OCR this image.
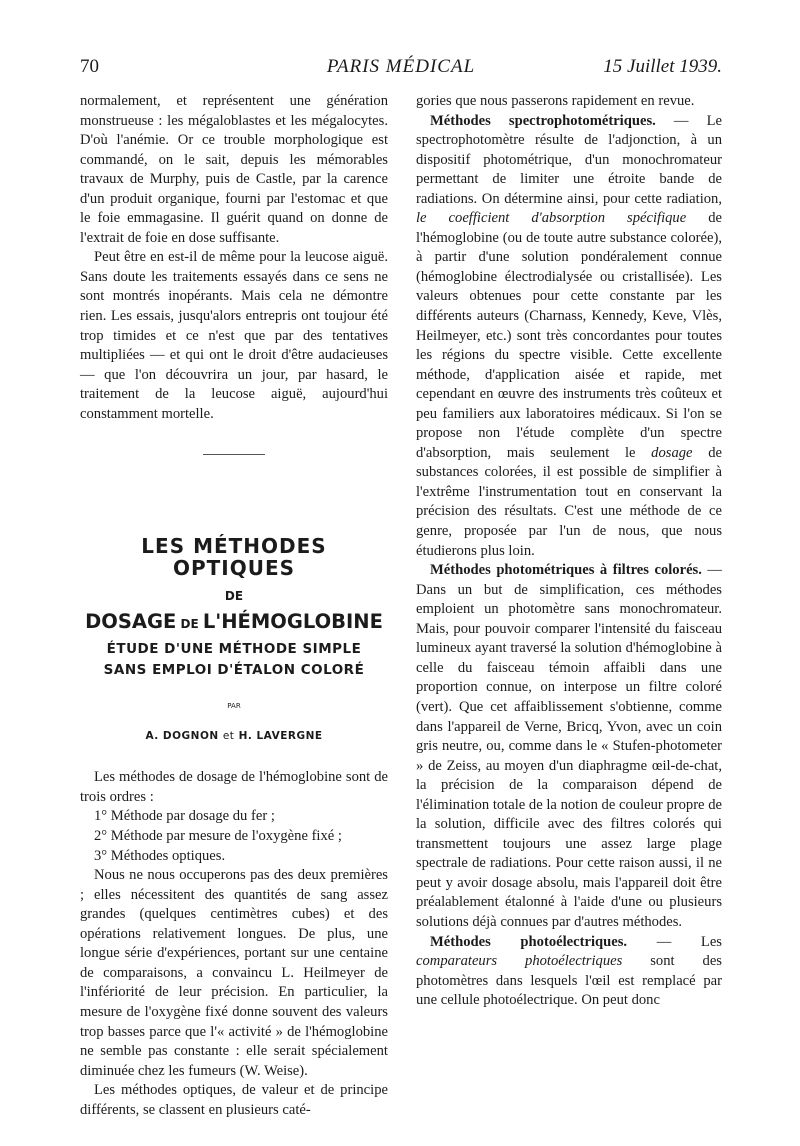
70	PARIS MÉDICAL	15 Juillet 1939.

normalement, et représentent une génération monstrueuse : les mégaloblastes et les mégalocytes. D'où l'anémie. Or ce trouble morphologique est commandé, on le sait, depuis les mémorables travaux de Murphy, puis de Castle, par la carence d'un produit organique, fourni par l'estomac et que le foie emmagasine. Il guérit quand on donne de l'extrait de foie en dose suffisante.

Peut être en est-il de même pour la leucose aiguë. Sans doute les traitements essayés dans ce sens ne sont montrés inopérants. Mais cela ne démontre rien. Les essais, jusqu'alors entrepris ont toujour été trop timides et ce n'est que par des tentatives multipliées — et qui ont le droit d'être audacieuses — que l'on découvrira un jour, par hasard, le traitement de la leucose aiguë, aujourd'hui constamment mortelle.

LES MÉTHODES OPTIQUES
DE
DOSAGE DE L'HÉMOGLOBINE
ÉTUDE D'UNE MÉTHODE SIMPLE
SANS EMPLOI D'ÉTALON COLORÉ
PAR
A. DOGNON et H. LAVERGNE

Les méthodes de dosage de l'hémoglobine sont de trois ordres :

1° Méthode par dosage du fer ;

2° Méthode par mesure de l'oxygène fixé ;

3° Méthodes optiques.

Nous ne nous occuperons pas des deux premières ; elles nécessitent des quantités de sang assez grandes (quelques centimètres cubes) et des opérations relativement longues. De plus, une longue série d'expériences, portant sur une centaine de comparaisons, a convaincu L. Heilmeyer de l'infériorité de leur précision. En particulier, la mesure de l'oxygène fixé donne souvent des valeurs trop basses parce que l'« activité » de l'hémoglobine ne semble pas constante : elle serait spécialement diminuée chez les fumeurs (W. Weise).

Les méthodes optiques, de valeur et de principe différents, se classent en plusieurs caté-

gories que nous passerons rapidement en revue.

Méthodes spectrophotométriques. — Le spectrophotomètre résulte de l'adjonction, à un dispositif photométrique, d'un monochromateur permettant de limiter une étroite bande de radiations. On détermine ainsi, pour cette radiation, le coefficient d'absorption spécifique de l'hémoglobine (ou de toute autre substance colorée), à partir d'une solution pondéralement connue (hémoglobine électrodialysée ou cristallisée). Les valeurs obtenues pour cette constante par les différents auteurs (Charnass, Kennedy, Keve, Vlès, Heilmeyer, etc.) sont très concordantes pour toutes les régions du spectre visible. Cette excellente méthode, d'application aisée et rapide, met cependant en œuvre des instruments très coûteux et peu familiers aux laboratoires médicaux. Si l'on se propose non l'étude complète d'un spectre d'absorption, mais seulement le dosage de substances colorées, il est possible de simplifier à l'extrême l'instrumentation tout en conservant la précision des résultats. C'est une méthode de ce genre, proposée par l'un de nous, que nous étudierons plus loin.

Méthodes photométriques à filtres colorés. — Dans un but de simplification, ces méthodes emploient un photomètre sans monochromateur. Mais, pour pouvoir comparer l'intensité du faisceau lumineux ayant traversé la solution d'hémoglobine à celle du faisceau témoin affaibli dans une proportion connue, on interpose un filtre coloré (vert). Que cet affaiblissement s'obtienne, comme dans l'appareil de Verne, Bricq, Yvon, avec un coin gris neutre, ou, comme dans le « Stufen-photometer » de Zeiss, au moyen d'un diaphragme œil-de-chat, la précision de la comparaison dépend de l'élimination totale de la notion de couleur propre de la solution, difficile avec des filtres colorés qui transmettent toujours une assez large plage spectrale de radiations. Pour cette raison aussi, il ne peut y avoir dosage absolu, mais l'appareil doit être préalablement étalonné à l'aide d'une ou plusieurs solutions déjà connues par d'autres méthodes.

Méthodes photoélectriques. — Les comparateurs photoélectriques sont des photomètres dans lesquels l'œil est remplacé par une cellule photoélectrique. On peut donc
